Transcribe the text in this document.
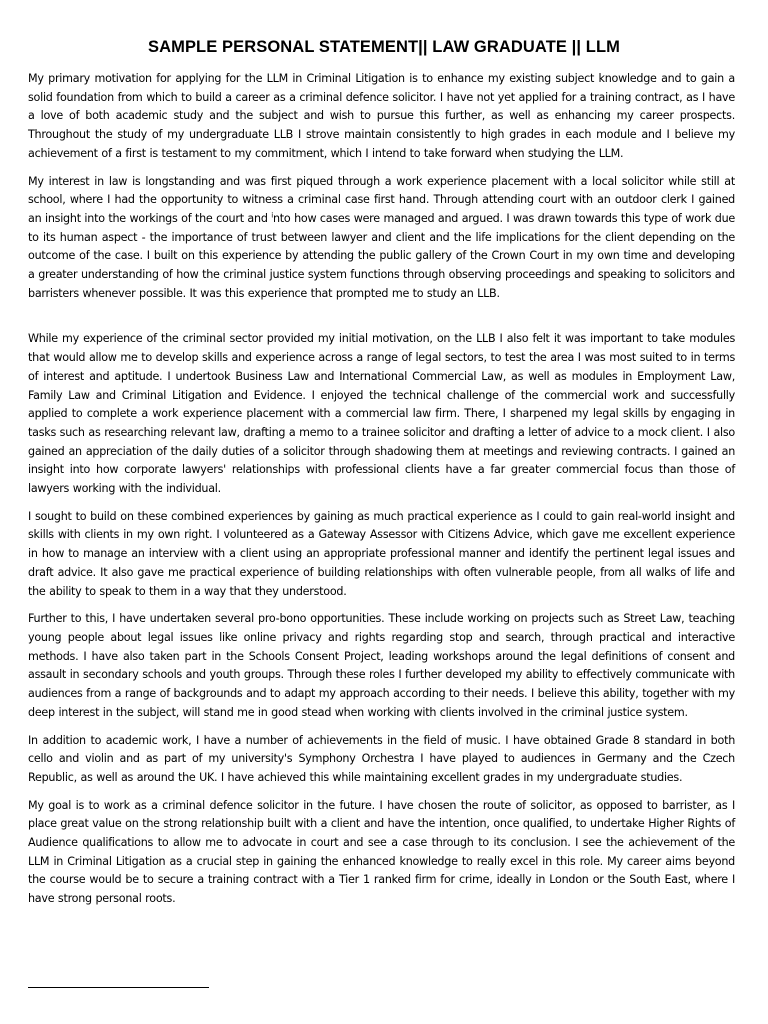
SAMPLE PERSONAL STATEMENT|| LAW GRADUATE || LLM

My primary motivation for applying for the LLM in Criminal Litigation is to enhance my existing subject knowledge and to gain a solid foundation from which to build a career as a criminal defence solicitor. I have not yet applied for a training contract, as I have a love of both academic study and the subject and wish to pursue this further, as well as enhancing my career prospects. Throughout the study of my undergraduate LLB I strove maintain consistently to high grades in each module and I believe my achievement of a first is testament to my commitment, which I intend to take forward when studying the LLM.

My interest in law is longstanding and was first piqued through a work experience placement with a local solicitor while still at school, where I had the opportunity to witness a criminal case first hand. Through attending court with an outdoor clerk I gained an insight into the workings of the court and $^i$nto how cases were managed and argued. I was drawn towards this type of work due to its human aspect - the importance of trust between lawyer and client and the life implications for the client depending on the outcome of the case. I built on this experience by attending the public gallery of the Crown Court in my own time and developing a greater understanding of how the criminal justice system functions through observing proceedings and speaking to solicitors and barristers whenever possible. It was this experience that prompted me to study an LLB.

While my experience of the criminal sector provided my initial motivation, on the LLB I also felt it was important to take modules that would allow me to develop skills and experience across a range of legal sectors, to test the area I was most suited to in terms of interest and aptitude. I undertook Business Law and International Commercial Law, as well as modules in Employment Law, Family Law and Criminal Litigation and Evidence. I enjoyed the technical challenge of the commercial work and successfully applied to complete a work experience placement with a commercial law firm. There, I sharpened my legal skills by engaging in tasks such as researching relevant law, drafting a memo to a trainee solicitor and drafting a letter of advice to a mock client. I also gained an appreciation of the daily duties of a solicitor through shadowing them at meetings and reviewing contracts. I gained an insight into how corporate lawyers' relationships with professional clients have a far greater commercial focus than those of lawyers working with the individual.

I sought to build on these combined experiences by gaining as much practical experience as I could to gain real-world insight and skills with clients in my own right. I volunteered as a Gateway Assessor with Citizens Advice, which gave me excellent experience in how to manage an interview with a client using an appropriate professional manner and identify the pertinent legal issues and draft advice. It also gave me practical experience of building relationships with often vulnerable people, from all walks of life and the ability to speak to them in a way that they understood.

Further to this, I have undertaken several pro-bono opportunities. These include working on projects such as Street Law, teaching young people about legal issues like online privacy and rights regarding stop and search, through practical and interactive methods. I have also taken part in the Schools Consent Project, leading workshops around the legal definitions of consent and assault in secondary schools and youth groups. Through these roles I further developed my ability to effectively communicate with audiences from a range of backgrounds and to adapt my approach according to their needs. I believe this ability, together with my deep interest in the subject, will stand me in good stead when working with clients involved in the criminal justice system.

In addition to academic work, I have a number of achievements in the field of music. I have obtained Grade 8 standard in both cello and violin and as part of my university's Symphony Orchestra I have played to audiences in Germany and the Czech Republic, as well as around the UK. I have achieved this while maintaining excellent grades in my undergraduate studies.

My goal is to work as a criminal defence solicitor in the future. I have chosen the route of solicitor, as opposed to barrister, as I place great value on the strong relationship built with a client and have the intention, once qualified, to undertake Higher Rights of Audience qualifications to allow me to advocate in court and see a case through to its conclusion. I see the achievement of the LLM in Criminal Litigation as a crucial step in gaining the enhanced knowledge to really excel in this role. My career aims beyond the course would be to secure a training contract with a Tier 1 ranked firm for crime, ideally in London or the South East, where I have strong personal roots.
